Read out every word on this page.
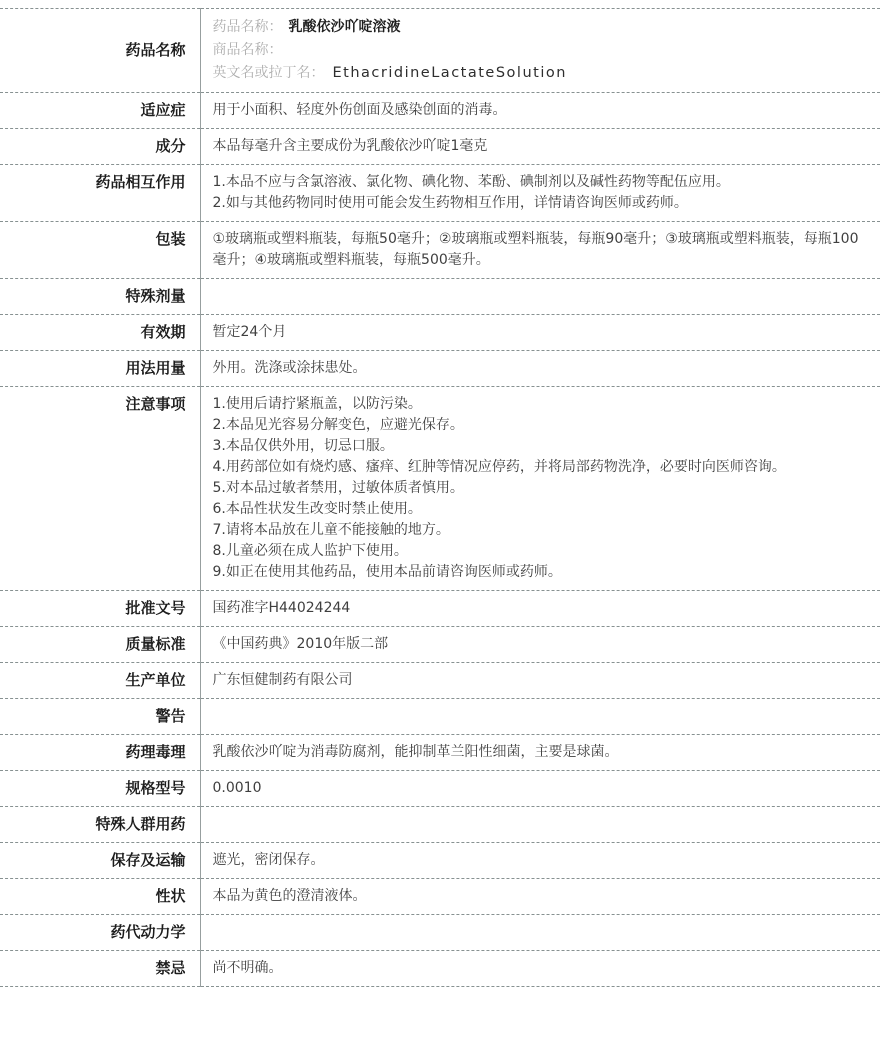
药品名称	药品名称： 乳酸依沙吖啶溶液
商品名称：
英文名或拉丁名： EthacridineLactateSolution

适应症	用于小面积、轻度外伤创面及感染创面的消毒。

成分	本品每毫升含主要成份为乳酸依沙吖啶1毫克

药品相互作用	1.本品不应与含氯溶液、氯化物、碘化物、苯酚、碘制剂以及碱性药物等配伍应用。
2.如与其他药物同时使用可能会发生药物相互作用，详情请咨询医师或药师。

包装	①玻璃瓶或塑料瓶装，每瓶50毫升；②玻璃瓶或塑料瓶装，每瓶90毫升；③玻璃瓶或塑料瓶装，每瓶100毫升；④玻璃瓶或塑料瓶装，每瓶500毫升。

特殊剂量	
有效期	暂定24个月

用法用量	外用。洗涤或涂抹患处。

注意事项	1.使用后请拧紧瓶盖，以防污染。
2.本品见光容易分解变色，应避光保存。
3.本品仅供外用，切忌口服。
4.用药部位如有烧灼感、瘙痒、红肿等情况应停药，并将局部药物洗净，必要时向医师咨询。
5.对本品过敏者禁用，过敏体质者慎用。
6.本品性状发生改变时禁止使用。
7.请将本品放在儿童不能接触的地方。
8.儿童必须在成人监护下使用。
9.如正在使用其他药品，使用本品前请咨询医师或药师。

批准文号	国药准字H44024244

质量标准	《中国药典》2010年版二部

生产单位	广东恒健制药有限公司

警告	
药理毒理	乳酸依沙吖啶为消毒防腐剂，能抑制革兰阳性细菌，主要是球菌。

规格型号	0.0010

特殊人群用药	
保存及运输	遮光，密闭保存。

性状	本品为黄色的澄清液体。

药代动力学	
禁忌	尚不明确。
